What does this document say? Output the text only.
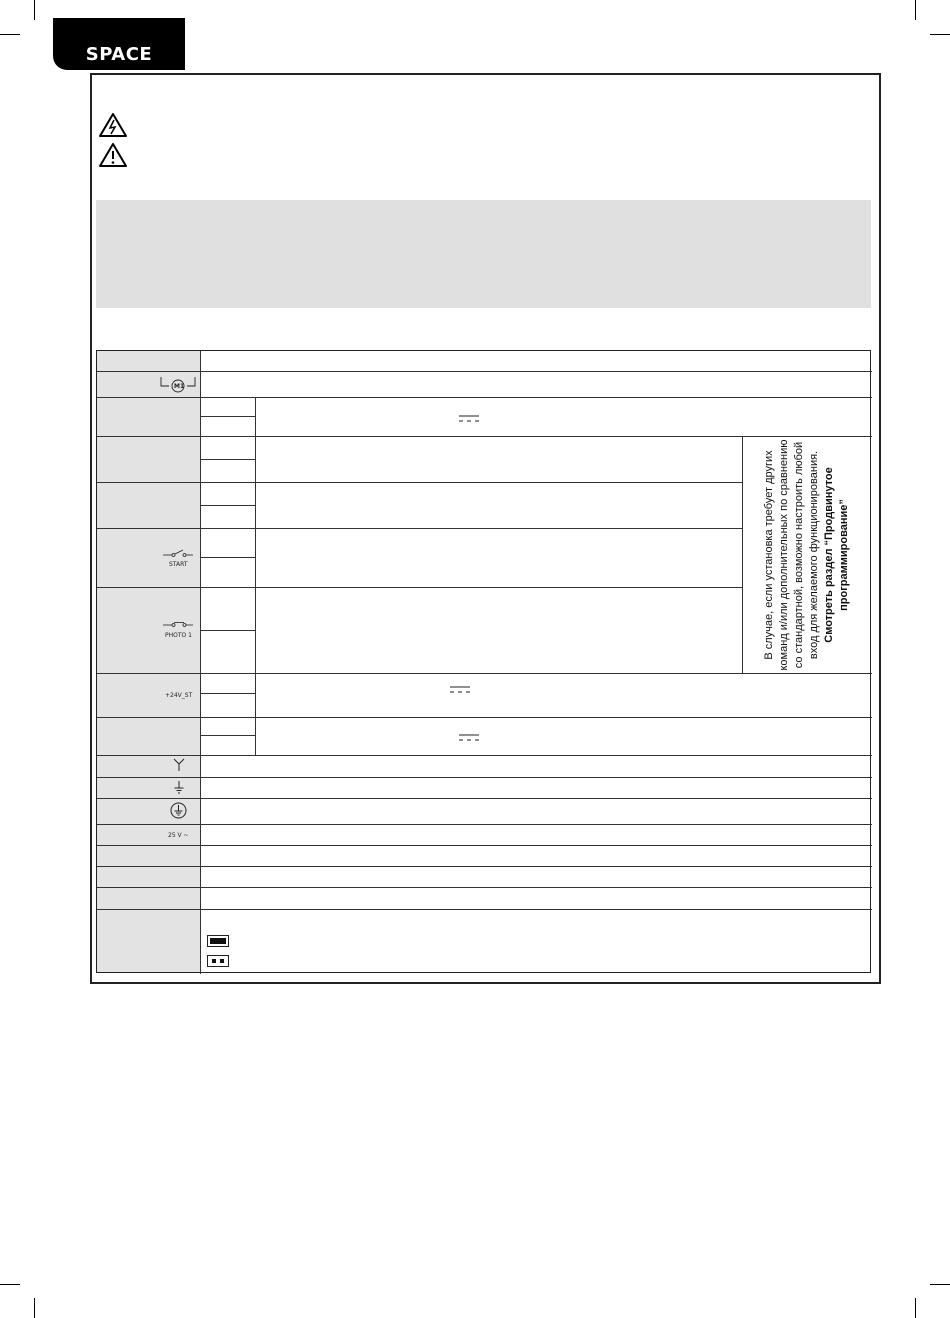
SPACE
M1
START
PHOTO 1
+24V_ST
25 V ~
В случае, если установка требует других команд и/или дополнительных по сравнению со стандартной, возможно настроить любой вход для желаемого функционирования. Смотреть раздел “Продвинутое программирование”
